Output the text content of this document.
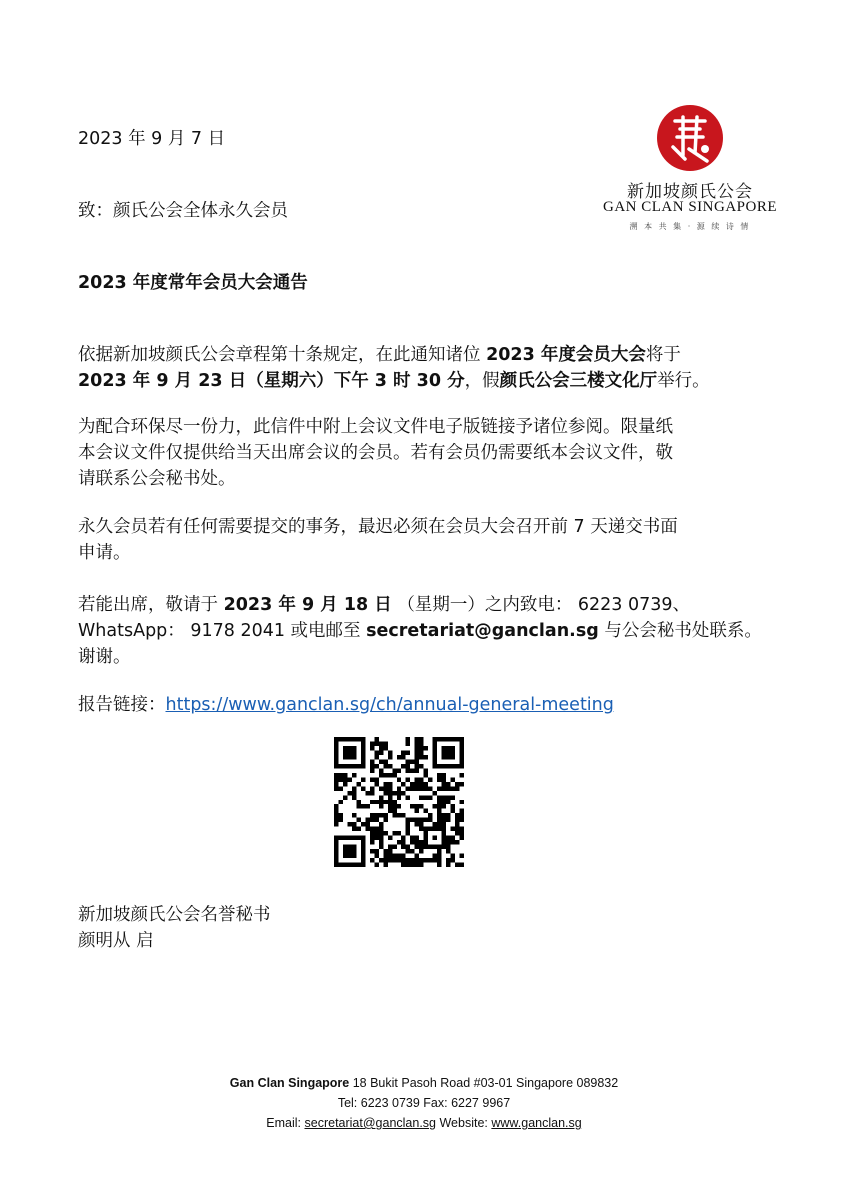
新加坡颜氏公会
GAN CLAN SINGAPORE
溯 本 共 集 · 源 续 诗 情
2023 年 9 月 7 日
致：颜氏公会全体永久会员
2023 年度常年会员大会通告
依据新加坡颜氏公会章程第十条规定，在此通知诸位 2023 年度会员大会将于
2023 年 9 月 23 日（星期六）下午 3 时 30 分，假颜氏公会三楼文化厅举行。
为配合环保尽一份力，此信件中附上会议文件电子版链接予诸位参阅。限量纸
本会议文件仅提供给当天出席会议的会员。若有会员仍需要纸本会议文件，敬
请联系公会秘书处。
永久会员若有任何需要提交的事务，最迟必须在会员大会召开前 7 天递交书面
申请。
若能出席，敬请于 2023 年 9 月 18 日 （星期一）之内致电： 6223 0739、
WhatsApp： 9178 2041 或电邮至 secretariat@ganclan.sg 与公会秘书处联系。
谢谢。
报告链接：https://www.ganclan.sg/ch/annual-general-meeting
新加坡颜氏公会名誉秘书
颜明从 启
Gan Clan Singapore 18 Bukit Pasoh Road #03-01 Singapore 089832
Tel: 6223 0739 Fax: 6227 9967
Email: secretariat@ganclan.sg Website: www.ganclan.sg
